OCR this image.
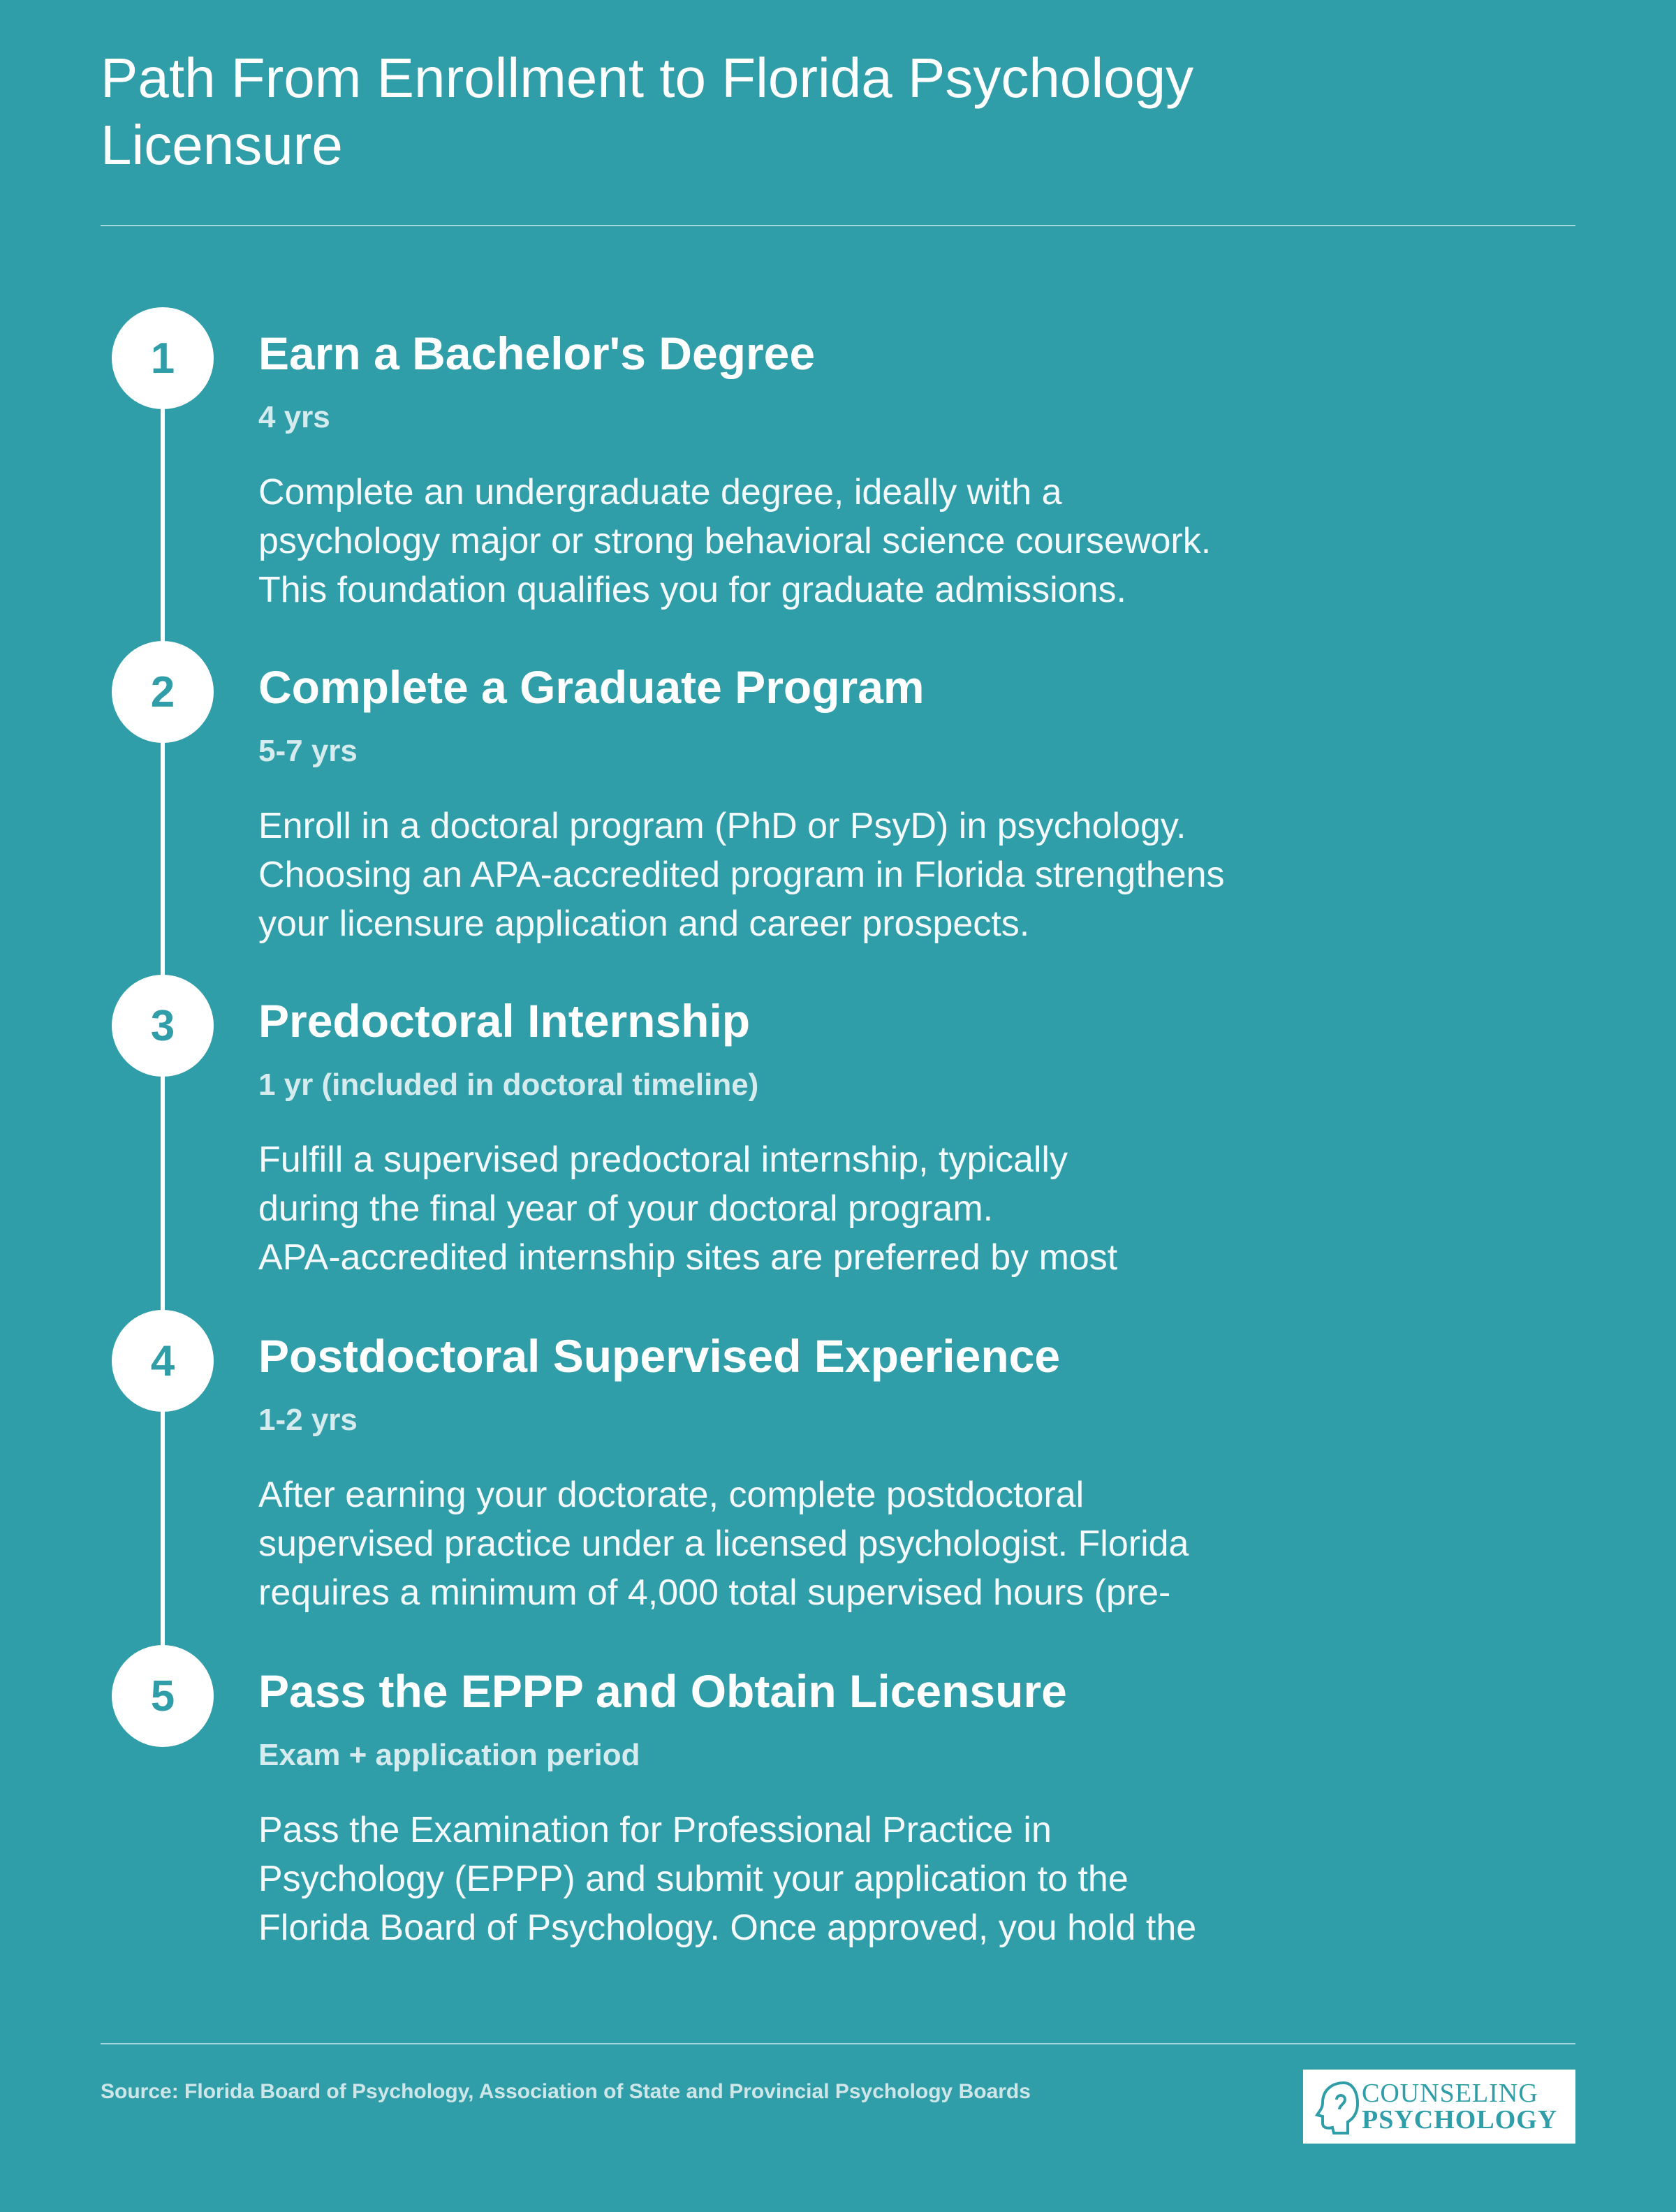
Path From Enrollment to Florida Psychology Licensure
1	Earn a Bachelor's Degree
4 yrs
Complete an undergraduate degree, ideally with a
psychology major or strong behavioral science coursework.
This foundation qualifies you for graduate admissions.
2	Complete a Graduate Program
5-7 yrs
Enroll in a doctoral program (PhD or PsyD) in psychology.
Choosing an APA-accredited program in Florida strengthens
your licensure application and career prospects.
3	Predoctoral Internship
1 yr (included in doctoral timeline)
Fulfill a supervised predoctoral internship, typically
during the final year of your doctoral program.
APA-accredited internship sites are preferred by most
4	Postdoctoral Supervised Experience
1-2 yrs
After earning your doctorate, complete postdoctoral
supervised practice under a licensed psychologist. Florida
requires a minimum of 4,000 total supervised hours (pre-
5	Pass the EPPP and Obtain Licensure
Exam + application period
Pass the Examination for Professional Practice in
Psychology (EPPP) and submit your application to the
Florida Board of Psychology. Once approved, you hold the
Source: Florida Board of Psychology, Association of State and Provincial Psychology Boards	COUNSELING
PSYCHOLOGY
